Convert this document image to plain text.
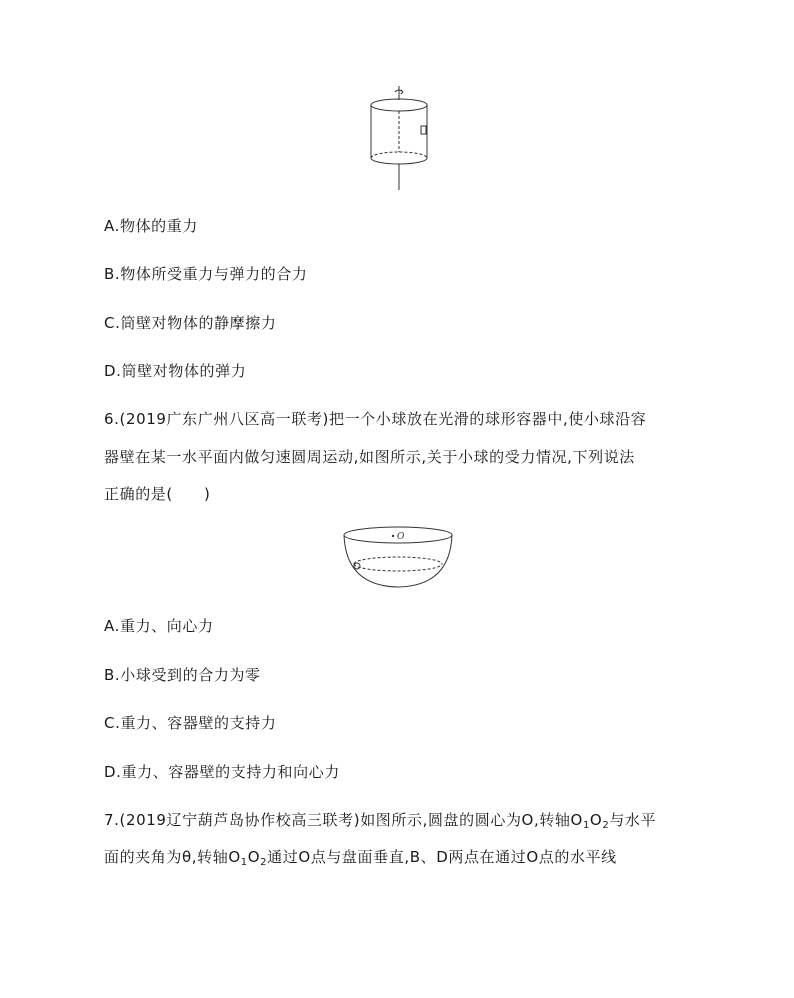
A.物体的重力
B.物体所受重力与弹力的合力
C.筒壁对物体的静摩擦力
D.筒壁对物体的弹力
6.(2019广东广州八区高一联考)把一个小球放在光滑的球形容器中,使小球沿容
器壁在某一水平面内做匀速圆周运动,如图所示,关于小球的受力情况,下列说法
正确的是(　　)
O
A.重力、向心力
B.小球受到的合力为零
C.重力、容器壁的支持力
D.重力、容器壁的支持力和向心力
7.(2019辽宁葫芦岛协作校高三联考)如图所示,圆盘的圆心为O,转轴$O_1O_2$与水平
面的夹角为θ,转轴$O_1O_2$通过O点与盘面垂直,B、D两点在通过O点的水平线
